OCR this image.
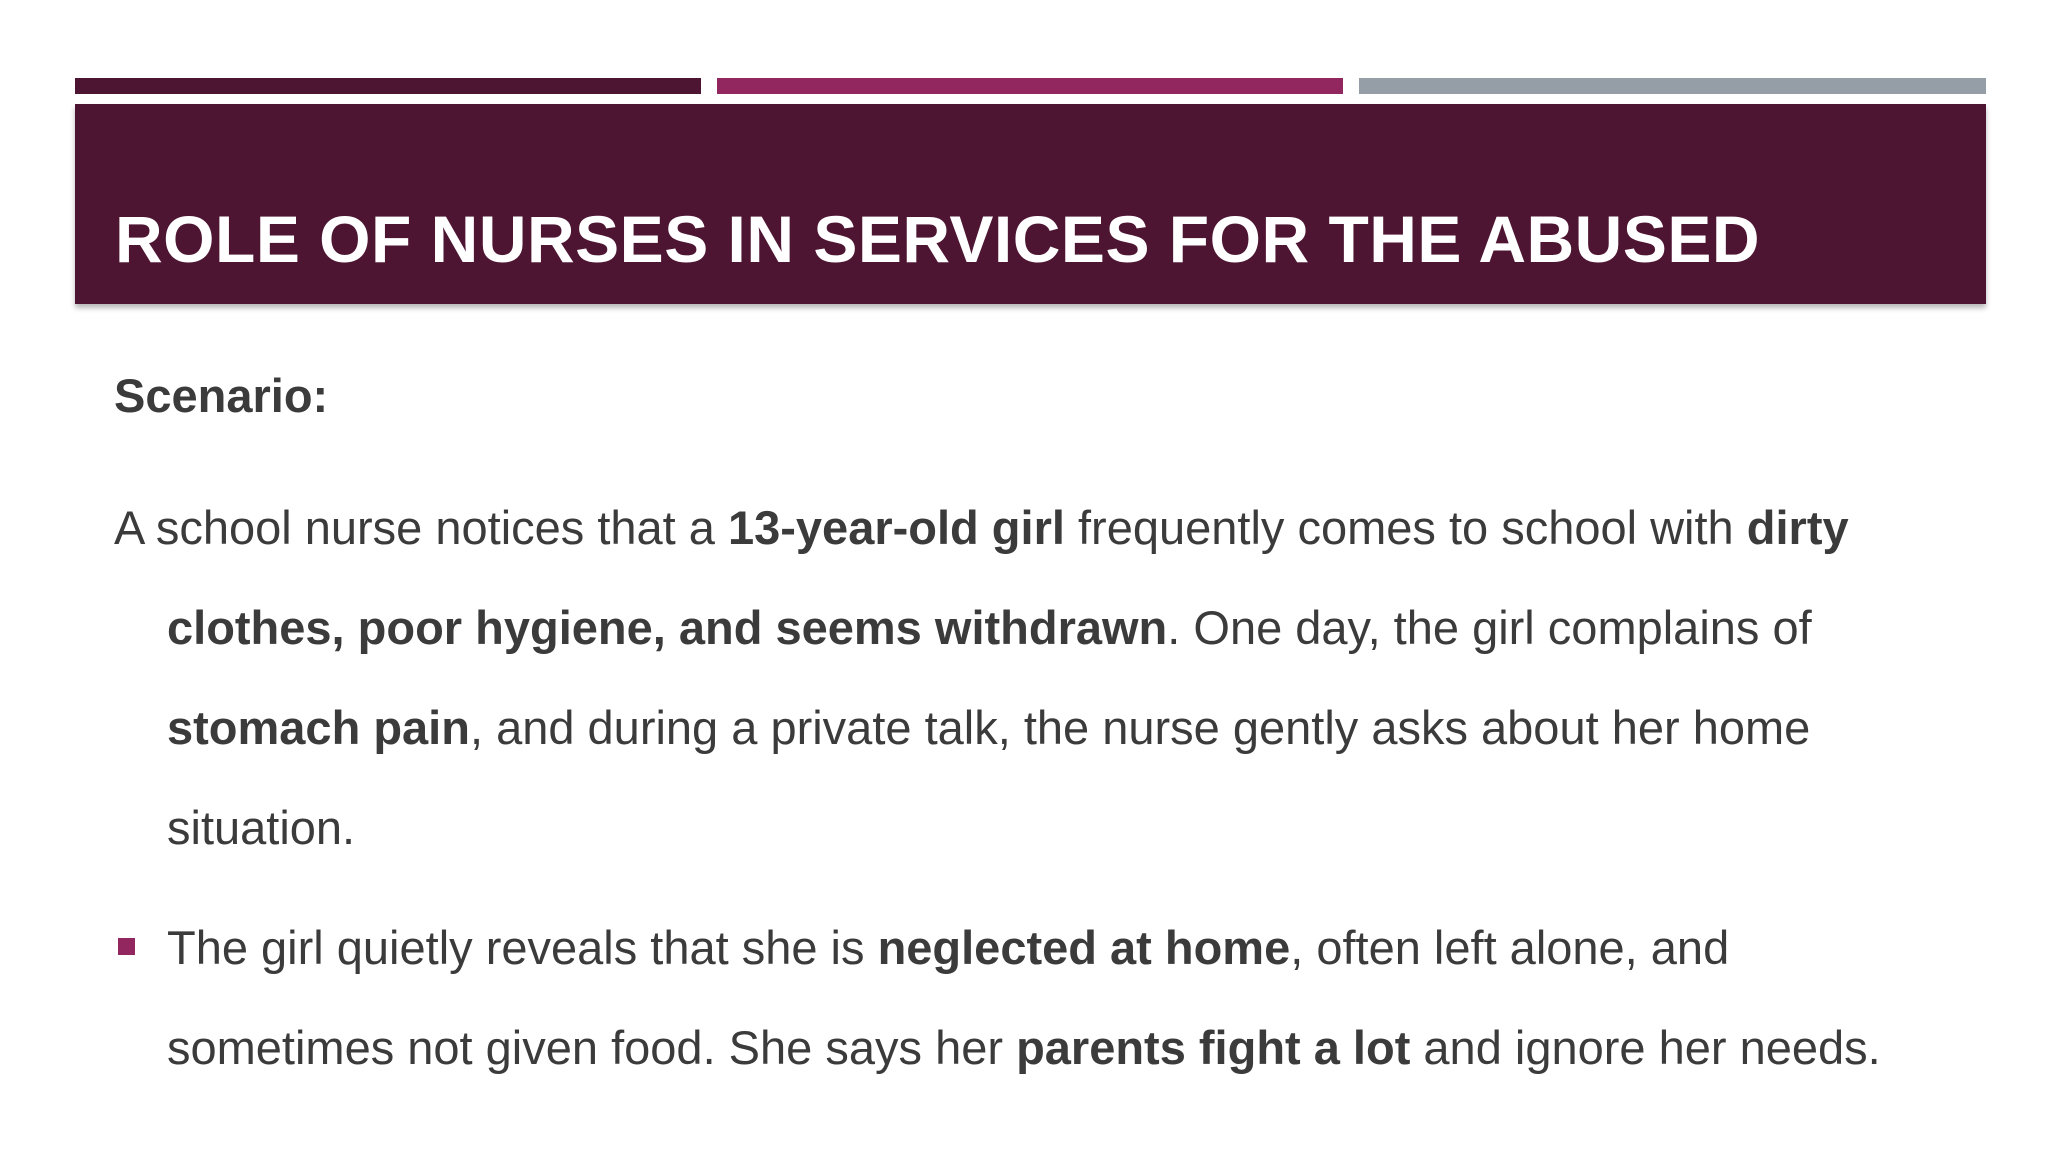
ROLE OF NURSES IN SERVICES FOR THE ABUSED

Scenario:

A school nurse notices that a 13-year-old girl frequently comes to school with dirty clothes, poor hygiene, and seems withdrawn. One day, the girl complains of stomach pain, and during a private talk, the nurse gently asks about her home situation.

The girl quietly reveals that she is neglected at home, often left alone, and sometimes not given food. She says her parents fight a lot and ignore her needs.
